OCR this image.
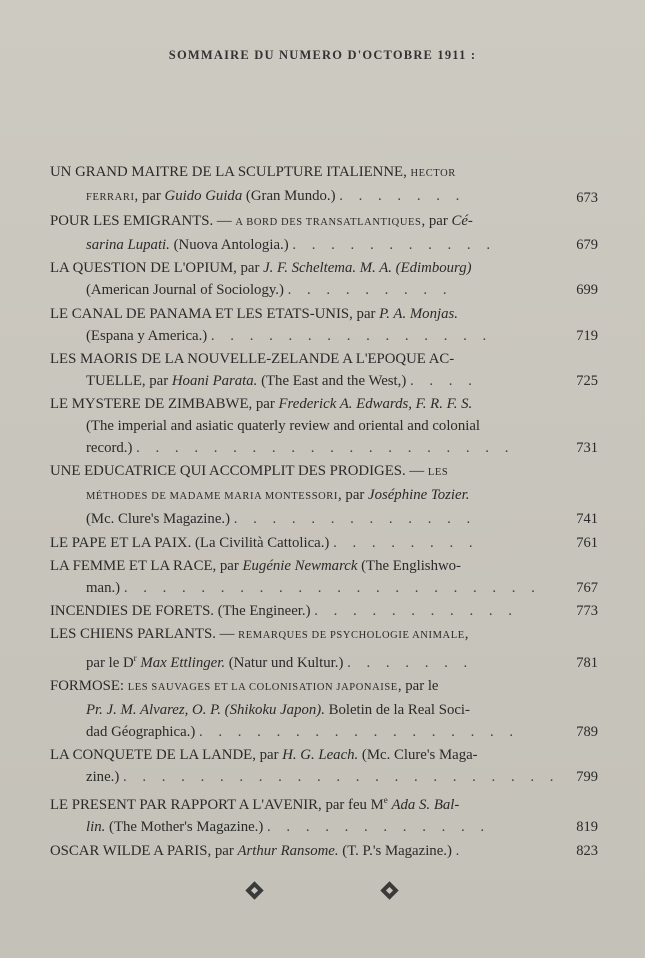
SOMMAIRE DU NUMERO D'OCTOBRE 1911 :
UN GRAND MAITRE DE LA SCULPTURE ITALIENNE, HECTOR
FERRARI, par Guido Guida (Gran Mundo.) . . . . . . .	673
POUR LES EMIGRANTS. — A BORD DES TRANSATLANTIQUES, par Cé-
sarina Lupati. (Nuova Antologia.) . . . . . . . . . . .	679
LA QUESTION DE L'OPIUM, par J. F. Scheltema. M. A. (Edimbourg)
(American Journal of Sociology.) . . . . . . . . .	699
LE CANAL DE PANAMA ET LES ETATS-UNIS, par P. A. Monjas.
(Espana y America.) . . . . . . . . . . . . . . .	719
LES MAORIS DE LA NOUVELLE-ZELANDE A L'EPOQUE AC-
TUELLE, par Hoani Parata. (The East and the West,) . . . .	725
LE MYSTERE DE ZIMBABWE, par Frederick A. Edwards, F. R. F. S.
(The imperial and asiatic quaterly review and oriental and colonial
record.) . . . . . . . . . . . . . . . . . . . .	731
UNE EDUCATRICE QUI ACCOMPLIT DES PRODIGES. — LES
MÉTHODES DE MADAME MARIA MONTESSORI, par Joséphine Tozier.
(Mc. Clure's Magazine.) . . . . . . . . . . . . .	741
LE PAPE ET LA PAIX. (La Civilità Cattolica.) . . . . . . . .	761
LA FEMME ET LA RACE, par Eugénie Newmarck (The Englishwo-
man.) . . . . . . . . . . . . . . . . . . . . . .	767
INCENDIES DE FORETS. (The Engineer.) . . . . . . . . . . .	773
LES CHIENS PARLANTS. — REMARQUES DE PSYCHOLOGIE ANIMALE,
par le $D^r$ Max Ettlinger. (Natur und Kultur.) . . . . . . .	781
FORMOSE: LES SAUVAGES ET LA COLONISATION JAPONAISE, par le
Pr. J. M. Alvarez, O. P. (Shikoku Japon). Boletin de la Real Soci-
dad Géographica.) . . . . . . . . . . . . . . . . .	789
LA CONQUETE DE LA LANDE, par H. G. Leach. (Mc. Clure's Maga-
zine.) . . . . . . . . . . . . . . . . . . . . . . .	799
LE PRESENT PAR RAPPORT A L'AVENIR, par feu Me Ada S. Bal-
lin. (The Mother's Magazine.) . . . . . . . . . . . .	819
OSCAR WILDE A PARIS, par Arthur Ransome. (T. P.'s Magazine.) .	823
